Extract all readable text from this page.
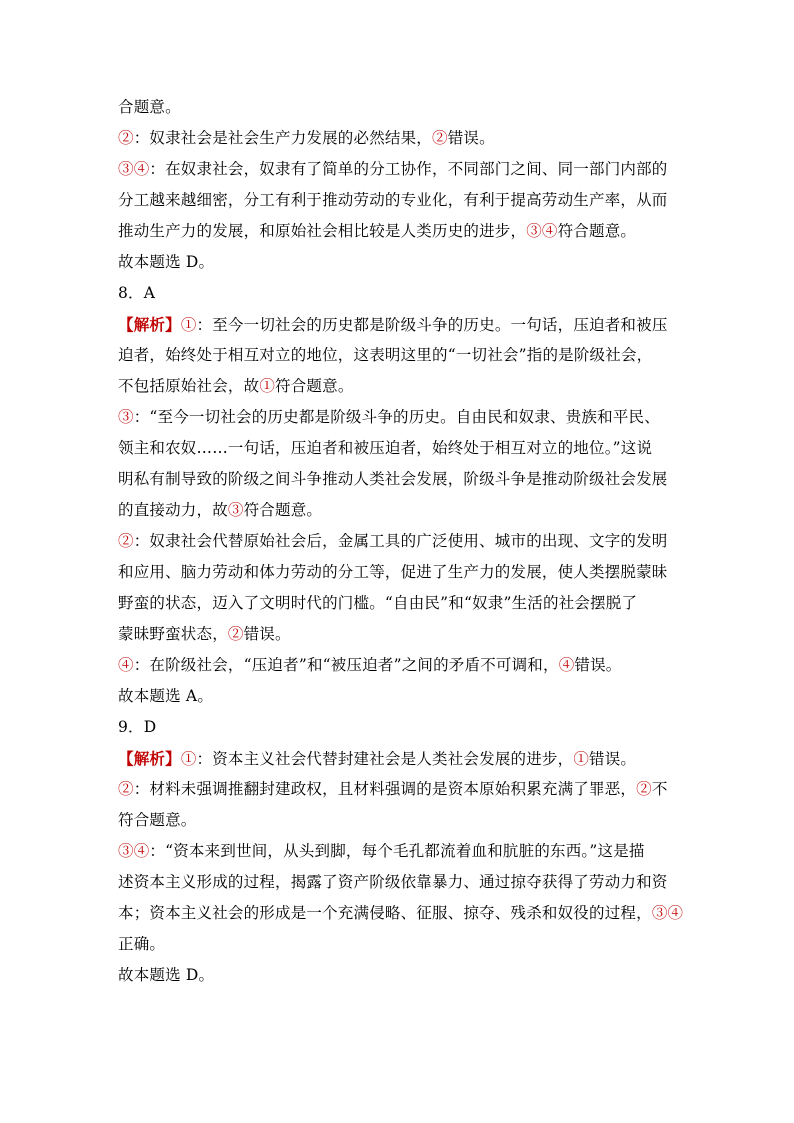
合题意。
②：奴隶社会是社会生产力发展的必然结果，②错误。
③④：在奴隶社会，奴隶有了简单的分工协作，不同部门之间、同一部门内部的
分工越来越细密，分工有利于推动劳动的专业化，有利于提高劳动生产率，从而
推动生产力的发展，和原始社会相比较是人类历史的进步，③④符合题意。
故本题选 D。
8．A
【解析】①：至今一切社会的历史都是阶级斗争的历史。一句话，压迫者和被压
迫者，始终处于相互对立的地位，这表明这里的“一切社会”指的是阶级社会，
不包括原始社会，故①符合题意。
③：“至今一切社会的历史都是阶级斗争的历史。自由民和奴隶、贵族和平民、
领主和农奴……一句话，压迫者和被压迫者，始终处于相互对立的地位。”这说
明私有制导致的阶级之间斗争推动人类社会发展，阶级斗争是推动阶级社会发展
的直接动力，故③符合题意。
②：奴隶社会代替原始社会后，金属工具的广泛使用、城市的出现、文字的发明
和应用、脑力劳动和体力劳动的分工等，促进了生产力的发展，使人类摆脱蒙昧
野蛮的状态，迈入了文明时代的门槛。“自由民”和“奴隶”生活的社会摆脱了
蒙昧野蛮状态，②错误。
④：在阶级社会，“压迫者”和“被压迫者”之间的矛盾不可调和，④错误。
故本题选 A。
9．D
【解析】①：资本主义社会代替封建社会是人类社会发展的进步，①错误。
②：材料未强调推翻封建政权，且材料强调的是资本原始积累充满了罪恶，②不
符合题意。
③④：“资本来到世间，从头到脚，每个毛孔都流着血和肮脏的东西。”这是描
述资本主义形成的过程，揭露了资产阶级依靠暴力、通过掠夺获得了劳动力和资
本；资本主义社会的形成是一个充满侵略、征服、掠夺、残杀和奴役的过程，③④
正确。
故本题选 D。
